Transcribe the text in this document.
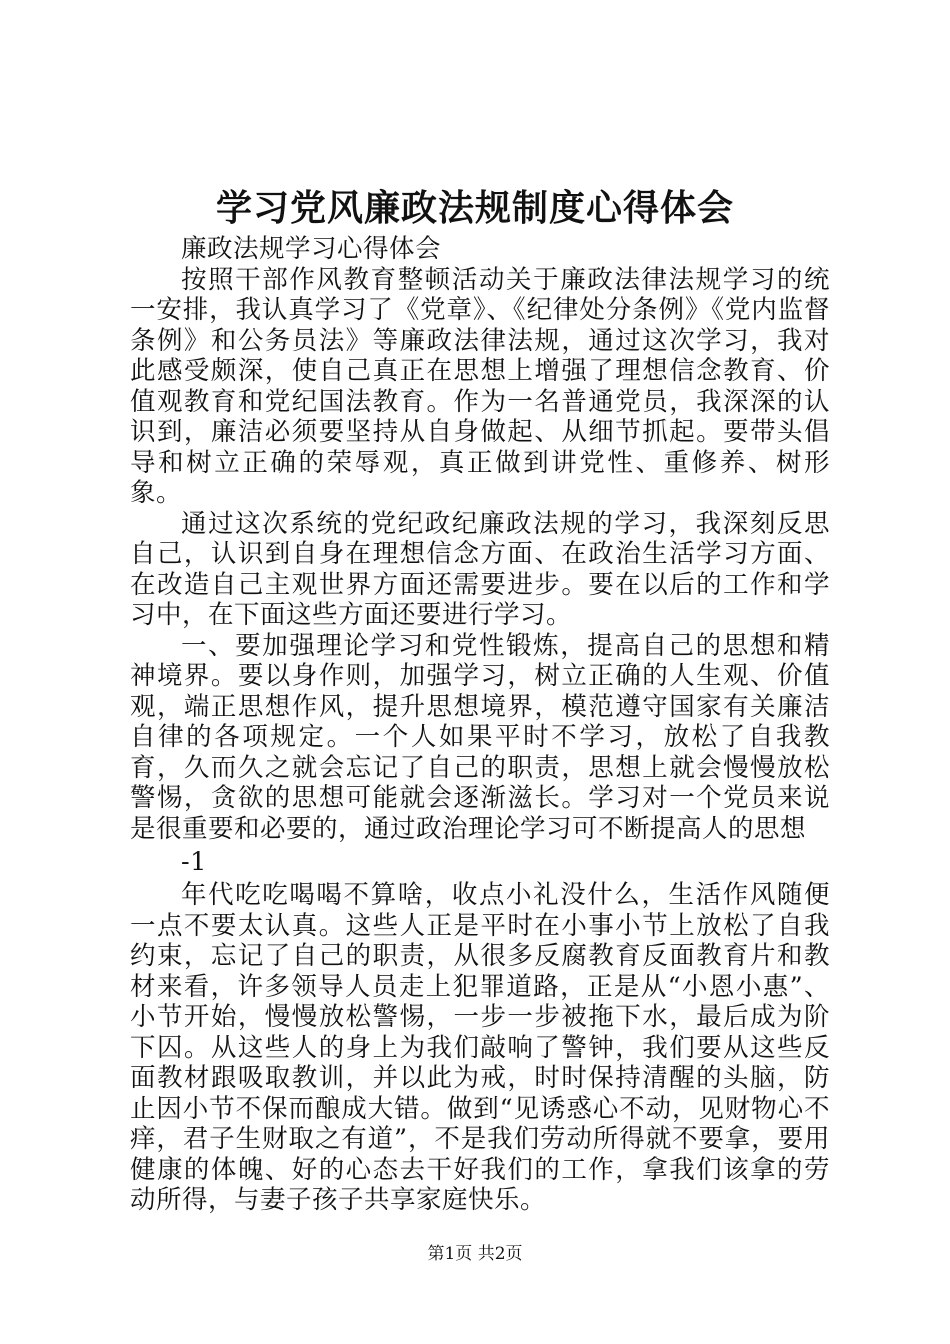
学习党风廉政法规制度心得体会

廉政法规学习心得体会

按照干部作风教育整顿活动关于廉政法律法规学习的统一安排，我认真学习了《党章》、《纪律处分条例》《党内监督条例》和公务员法》等廉政法律法规，通过这次学习，我对此感受颇深，使自己真正在思想上增强了理想信念教育、价值观教育和党纪国法教育。作为一名普通党员，我深深的认识到，廉洁必须要坚持从自身做起、从细节抓起。要带头倡导和树立正确的荣辱观，真正做到讲党性、重修养、树形象。

通过这次系统的党纪政纪廉政法规的学习，我深刻反思自己，认识到自身在理想信念方面、在政治生活学习方面、在改造自己主观世界方面还需要进步。要在以后的工作和学习中，在下面这些方面还要进行学习。

一、要加强理论学习和党性锻炼，提高自己的思想和精神境界。要以身作则，加强学习，树立正确的人生观、价值观，端正思想作风，提升思想境界，模范遵守国家有关廉洁自律的各项规定。一个人如果平时不学习，放松了自我教育，久而久之就会忘记了自己的职责，思想上就会慢慢放松警惕，贪欲的思想可能就会逐渐滋长。学习对一个党员来说是很重要和必要的，通过政治理论学习可不断提高人的思想

-1

年代吃吃喝喝不算啥，收点小礼没什么，生活作风随便一点不要太认真。这些人正是平时在小事小节上放松了自我约束，忘记了自己的职责，从很多反腐教育反面教育片和教材来看，许多领导人员走上犯罪道路，正是从“小恩小惠”、小节开始，慢慢放松警惕，一步一步被拖下水，最后成为阶下囚。从这些人的身上为我们敲响了警钟，我们要从这些反面教材跟吸取教训，并以此为戒，时时保持清醒的头脑，防止因小节不保而酿成大错。做到“见诱惑心不动，见财物心不痒，君子生财取之有道”，不是我们劳动所得就不要拿，要用健康的体魄、好的心态去干好我们的工作，拿我们该拿的劳动所得，与妻子孩子共享家庭快乐。

第1页 共2页
